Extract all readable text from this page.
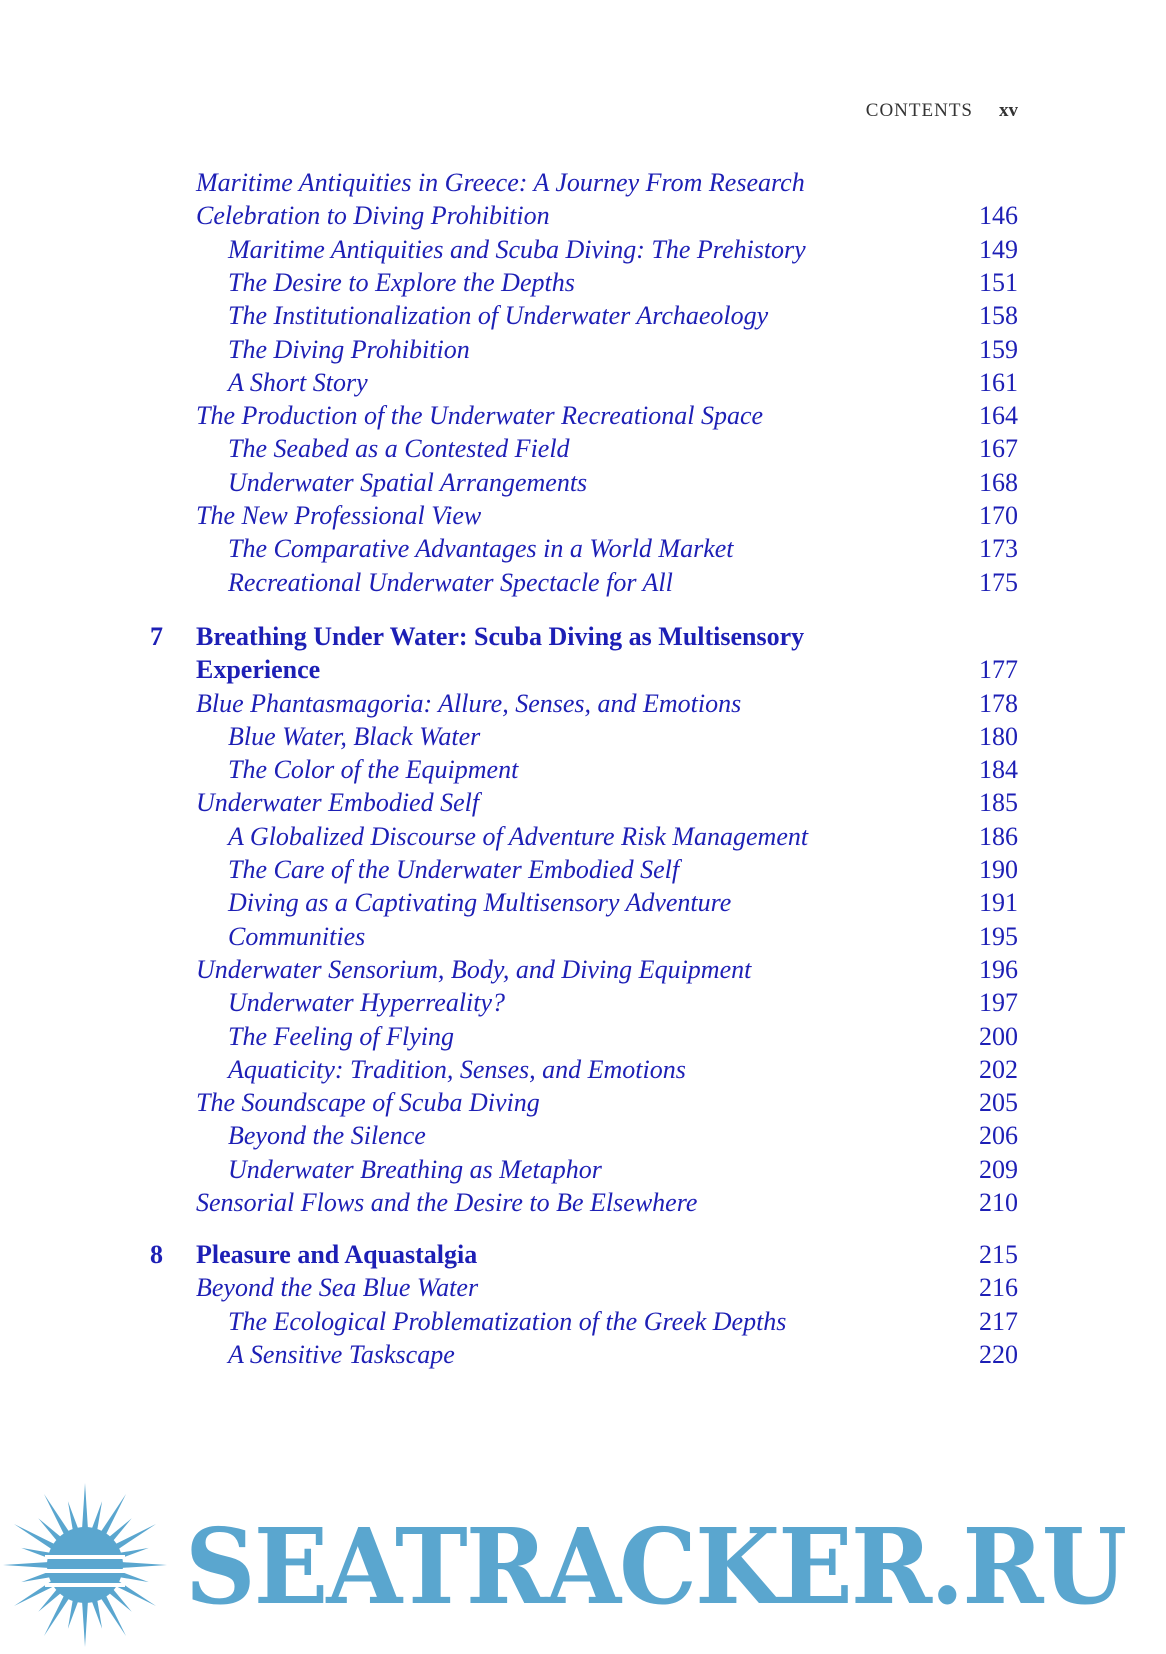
CONTENTS xv
Maritime Antiquities in Greece: A Journey From Research
Celebration to Diving Prohibition	146
Maritime Antiquities and Scuba Diving: The Prehistory	149
The Desire to Explore the Depths	151
The Institutionalization of Underwater Archaeology	158
The Diving Prohibition	159
A Short Story	161
The Production of the Underwater Recreational Space	164
The Seabed as a Contested Field	167
Underwater Spatial Arrangements	168
The New Professional View	170
The Comparative Advantages in a World Market	173
Recreational Underwater Spectacle for All	175
7 Breathing Under Water: Scuba Diving as Multisensory
Experience	177
Blue Phantasmagoria: Allure, Senses, and Emotions	178
Blue Water, Black Water	180
The Color of the Equipment	184
Underwater Embodied Self	185
A Globalized Discourse of Adventure Risk Management	186
The Care of the Underwater Embodied Self	190
Diving as a Captivating Multisensory Adventure	191
Communities	195
Underwater Sensorium, Body, and Diving Equipment	196
Underwater Hyperreality?	197
The Feeling of Flying	200
Aquaticity: Tradition, Senses, and Emotions	202
The Soundscape of Scuba Diving	205
Beyond the Silence	206
Underwater Breathing as Metaphor	209
Sensorial Flows and the Desire to Be Elsewhere	210
8 Pleasure and Aquastalgia	215
Beyond the Sea Blue Water	216
The Ecological Problematization of the Greek Depths	217
A Sensitive Taskscape	220
SEATRACKER.RU
